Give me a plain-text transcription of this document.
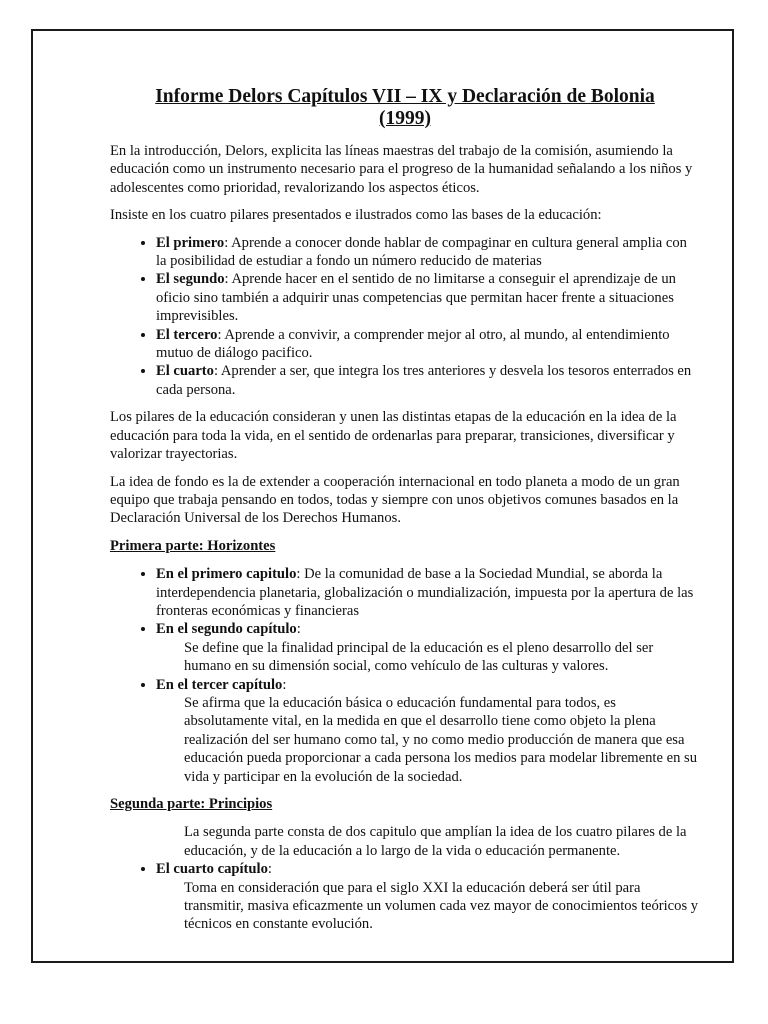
Informe Delors Capítulos VII – IX y Declaración de Bolonia
(1999)

En la introducción, Delors, explicita las líneas maestras del trabajo de la comisión, asumiendo la educación como un instrumento necesario para el progreso de la humanidad señalando a los niños y adolescentes como prioridad, revalorizando los aspectos éticos.

Insiste en los cuatro pilares presentados e ilustrados como las bases de la educación:

• El primero: Aprende a conocer donde hablar de compaginar en cultura general amplia con la posibilidad de estudiar a fondo un número reducido de materias
• El segundo: Aprende hacer en el sentido de no limitarse a conseguir el aprendizaje de un oficio sino también a adquirir unas competencias que permitan hacer frente a situaciones imprevisibles.
• El tercero: Aprende a convivir, a comprender mejor al otro, al mundo, al entendimiento mutuo de diálogo pacifico.
• El cuarto: Aprender a ser, que integra los tres anteriores y desvela los tesoros enterrados en cada persona.

Los pilares de la educación consideran y unen las distintas etapas de la educación en la idea de la educación para toda la vida, en el sentido de ordenarlas para preparar, transiciones, diversificar y valorizar trayectorias.

La idea de fondo es la de extender a cooperación internacional en todo planeta a modo de un gran equipo que trabaja pensando en todos, todas y siempre con unos objetivos comunes basados en la Declaración Universal de los Derechos Humanos.

Primera parte: Horizontes

• En el primero capitulo: De la comunidad de base a la Sociedad Mundial, se aborda la interdependencia planetaria, globalización o mundialización, impuesta por la apertura de las fronteras económicas y financieras
• En el segundo capítulo:
Se define que la finalidad principal de la educación es el pleno desarrollo del ser humano en su dimensión social, como vehículo de las culturas y valores.
• En el tercer capítulo:
Se afirma que la educación básica o educación fundamental para todos, es absolutamente vital, en la medida en que el desarrollo tiene como objeto la plena realización del ser humano como tal, y no como medio producción de manera que esa educación pueda proporcionar a cada persona los medios para modelar libremente en su vida y participar en la evolución de la sociedad.

Segunda parte: Principios

La segunda parte consta de dos capitulo que amplían la idea de los cuatro pilares de la educación, y de la educación a lo largo de la vida o educación permanente.

• El cuarto capítulo:
Toma en consideración que para el siglo XXI la educación deberá ser útil para transmitir, masiva eficazmente un volumen cada vez mayor de conocimientos teóricos y técnicos en constante evolución.
